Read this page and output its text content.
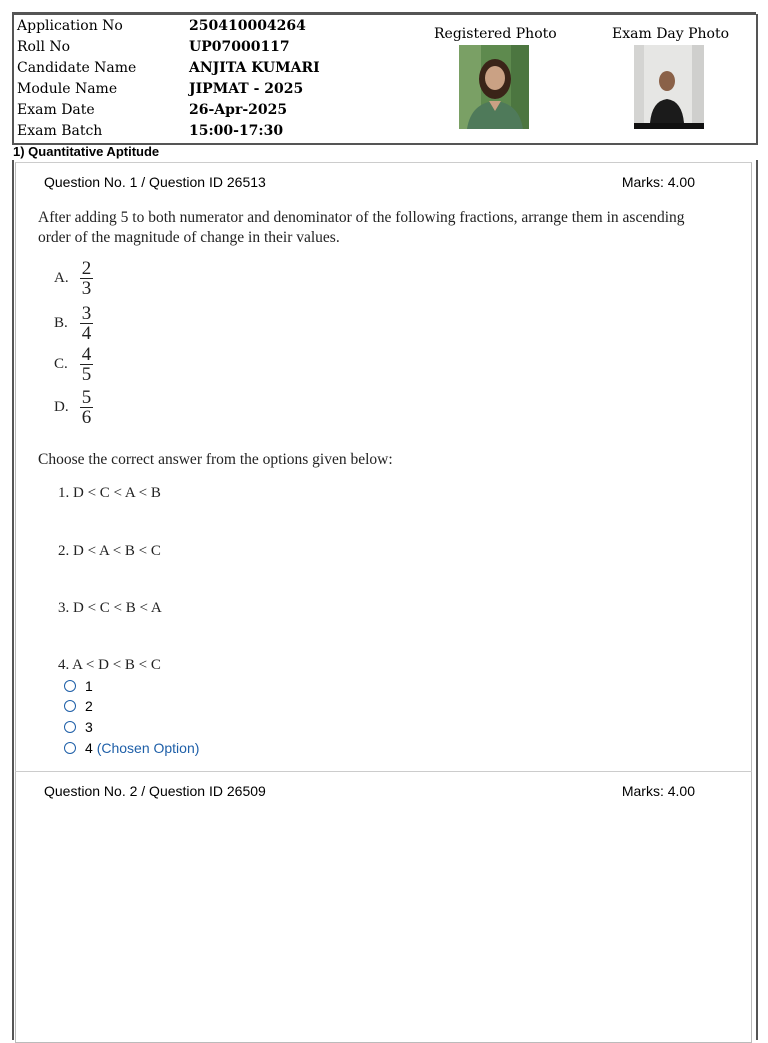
Application No	250410004264
Roll No	UP07000117
Candidate Name	ANJITA KUMARI
Module Name	JIPMAT - 2025
Exam Date	26-Apr-2025
Exam Batch	15:00-17:30
Registered Photo	Exam Day Photo
1) Quantitative Aptitude
Question No. 1 / Question ID 26513	Marks: 4.00
After adding 5 to both numerator and denominator of the following fractions, arrange them in ascending order of the magnitude of change in their values.
A. $\frac{2}{3}$
B. $\frac{3}{4}$
C. $\frac{4}{5}$
D. $\frac{5}{6}$
Choose the correct answer from the options given below:
1. D < C < A < B
2. D < A < B < C
3. D < C < B < A
4. A < D < B < C
1
2
3
4 (Chosen Option)
Question No. 2 / Question ID 26509	Marks: 4.00
